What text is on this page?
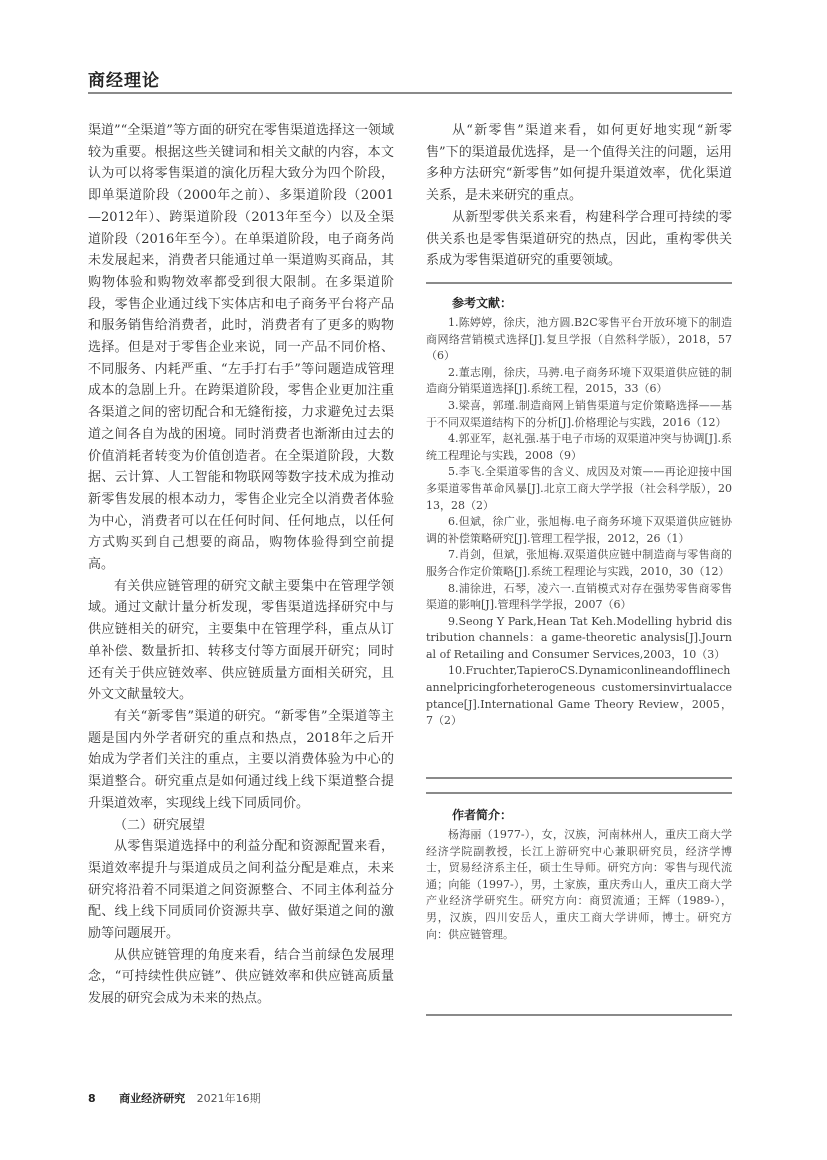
商经理论

渠道”“全渠道”等方面的研究在零售渠道选择这一领域较为重要。根据这些关键词和相关文献的内容，本文认为可以将零售渠道的演化历程大致分为四个阶段，即单渠道阶段（2000年之前）、多渠道阶段（2001—2012年）、跨渠道阶段（2013年至今）以及全渠道阶段（2016年至今）。在单渠道阶段，电子商务尚未发展起来，消费者只能通过单一渠道购买商品，其购物体验和购物效率都受到很大限制。在多渠道阶段，零售企业通过线下实体店和电子商务平台将产品和服务销售给消费者，此时，消费者有了更多的购物选择。但是对于零售企业来说，同一产品不同价格、不同服务、内耗严重、“左手打右手”等问题造成管理成本的急剧上升。在跨渠道阶段，零售企业更加注重各渠道之间的密切配合和无缝衔接，力求避免过去渠道之间各自为战的困境。同时消费者也渐渐由过去的价值消耗者转变为价值创造者。在全渠道阶段，大数据、云计算、人工智能和物联网等数字技术成为推动新零售发展的根本动力，零售企业完全以消费者体验为中心，消费者可以在任何时间、任何地点，以任何方式购买到自己想要的商品，购物体验得到空前提高。

有关供应链管理的研究文献主要集中在管理学领域。通过文献计量分析发现，零售渠道选择研究中与供应链相关的研究，主要集中在管理学科，重点从订单补偿、数量折扣、转移支付等方面展开研究；同时还有关于供应链效率、供应链质量方面相关研究，且外文文献量较大。

有关“新零售”渠道的研究。“新零售”全渠道等主题是国内外学者研究的重点和热点，2018年之后开始成为学者们关注的重点，主要以消费体验为中心的渠道整合。研究重点是如何通过线上线下渠道整合提升渠道效率，实现线上线下同质同价。

（二）研究展望

从零售渠道选择中的利益分配和资源配置来看，渠道效率提升与渠道成员之间利益分配是难点，未来研究将沿着不同渠道之间资源整合、不同主体利益分配、线上线下同质同价资源共享、做好渠道之间的激励等问题展开。

从供应链管理的角度来看，结合当前绿色发展理念，“可持续性供应链”、供应链效率和供应链高质量发展的研究会成为未来的热点。

从“新零售”渠道来看，如何更好地实现“新零售”下的渠道最优选择，是一个值得关注的问题，运用多种方法研究“新零售”如何提升渠道效率，优化渠道关系，是未来研究的重点。

从新型零供关系来看，构建科学合理可持续的零供关系也是零售渠道研究的热点，因此，重构零供关系成为零售渠道研究的重要领域。

参考文献：

1.陈婷婷，徐庆，池方圆.B2C零售平台开放环境下的制造商网络营销模式选择[J].复旦学报（自然科学版），2018，57（6）

2.董志刚，徐庆，马骋.电子商务环境下双渠道供应链的制造商分销渠道选择[J].系统工程，2015，33（6）

3.梁喜，郭瑾.制造商网上销售渠道与定价策略选择——基于不同双渠道结构下的分析[J].价格理论与实践，2016（12）

4.郭亚军，赵礼强.基于电子市场的双渠道冲突与协调[J].系统工程理论与实践，2008（9）

5.李飞.全渠道零售的含义、成因及对策——再论迎接中国多渠道零售革命风暴[J].北京工商大学学报（社会科学版），2013，28（2）

6.但斌，徐广业，张旭梅.电子商务环境下双渠道供应链协调的补偿策略研究[J].管理工程学报，2012，26（1）

7.肖剑，但斌，张旭梅.双渠道供应链中制造商与零售商的服务合作定价策略[J].系统工程理论与实践，2010，30（12）

8.浦徐进，石琴，凌六一.直销模式对存在强势零售商零售渠道的影响[J].管理科学学报，2007（6）

9.Seong Y Park,Hean Tat Keh.Modelling hybrid distribution channels：a game-theoretic analysis[J].Journal of Retailing and Consumer Services,2003，10（3）

10.Fruchter,TapieroCS.Dynamiconlineandofflinechannelpricingforheterogeneous customersinvirtualacceptance[J].International Game Theory Review，2005，7（2）

作者简介：

杨海丽（1977-），女，汉族，河南林州人，重庆工商大学经济学院副教授，长江上游研究中心兼职研究员，经济学博士，贸易经济系主任，硕士生导师。研究方向：零售与现代流通；向能（1997-），男，土家族，重庆秀山人，重庆工商大学产业经济学研究生。研究方向：商贸流通；王辉（1989-），男，汉族，四川安岳人，重庆工商大学讲师，博士。研究方向：供应链管理。

8 商业经济研究 2021年16期
